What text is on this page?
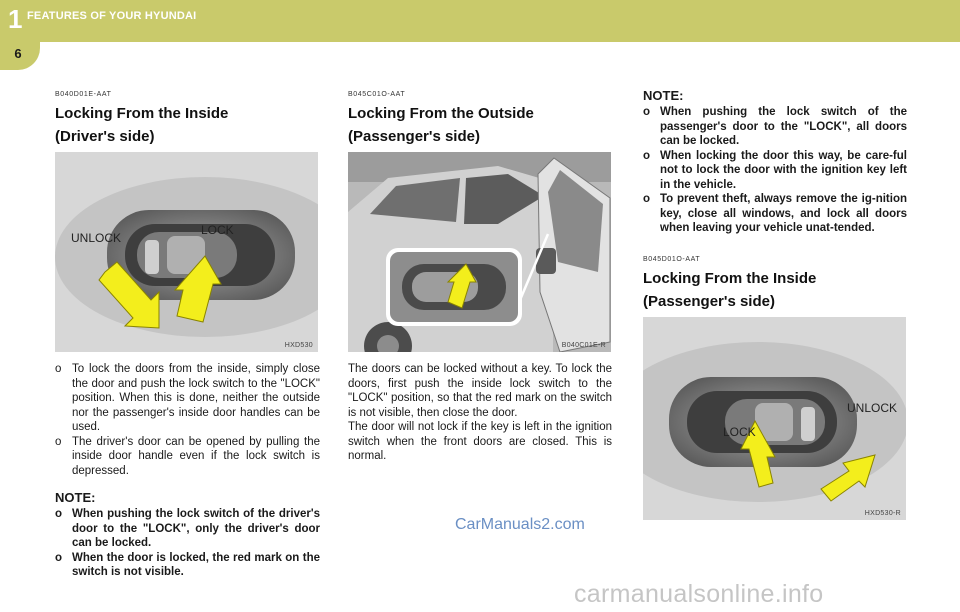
1 FEATURES OF YOUR HYUNDAI
6
B040D01E-AAT
Locking From the Inside
(Driver's side)
UNLOCK
LOCK
HXD530
o To lock the doors from the inside, simply close the door and push the lock switch to the "LOCK" position. When this is done, neither the outside nor the passenger's inside door handles can be used.
o The driver's door can be opened by pulling the inside door handle even if the lock switch is depressed.
NOTE:
o When pushing the lock switch of the driver's door to the "LOCK", only the driver's door can be locked.
o When the door is locked, the red mark on the switch is not visible.
B045C01O-AAT
Locking From the Outside
(Passenger's side)
B040C01E-R
The doors can be locked without a key. To lock the doors, first push the inside lock switch to the "LOCK" position, so that the red mark on the switch is not visible, then close the door.
The door will not lock if the key is left in the ignition switch when the front doors are closed. This is normal.
NOTE:
o When pushing the lock switch of the passenger's door to the "LOCK", all doors can be locked.
o When locking the door this way, be care-ful not to lock the door with the ignition key left in the vehicle.
o To prevent theft, always remove the ig-nition key, close all windows, and lock all doors when leaving your vehicle unat-tended.
B045D01O-AAT
Locking From the Inside
(Passenger's side)
UNLOCK
LOCK
HXD530-R
CarManuals2.com
carmanualsonline.info
